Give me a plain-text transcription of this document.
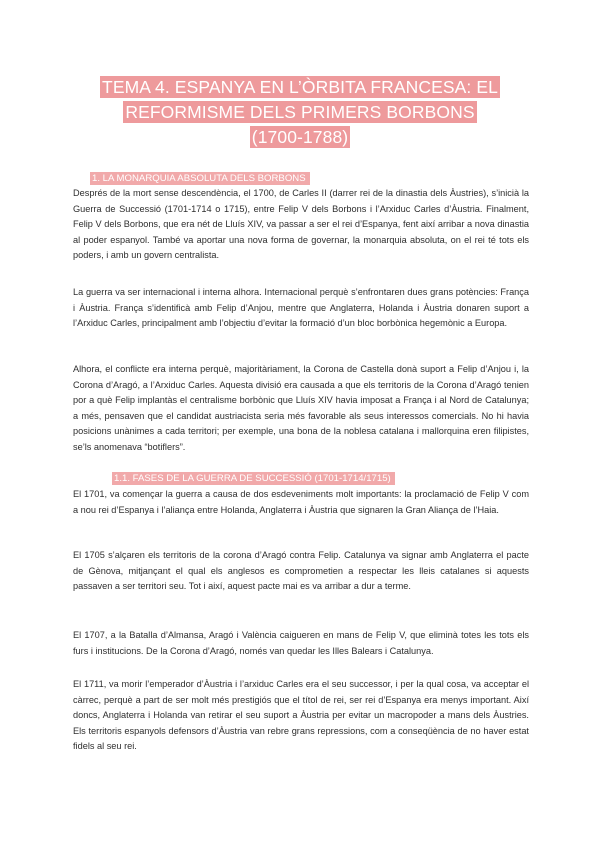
TEMA 4. ESPANYA EN L’ÒRBITA FRANCESA: EL
REFORMISME DELS PRIMERS BORBONS
(1700-1788)
1. LA MONARQUIA ABSOLUTA DELS BORBONS

Després de la mort sense descendència, el 1700, de Carles II (darrer rei de la dinastia dels Àustries), s’inicià la Guerra de Successió (1701-1714 o 1715), entre Felip V dels Borbons i l’Arxiduc Carles d’Àustria. Finalment, Felip V dels Borbons, que era nét de Lluís XIV, va passar a ser el rei d’Espanya, fent així arribar a nova dinastia al poder espanyol. També va aportar una nova forma de governar, la monarquia absoluta, on el rei té tots els poders, i amb un govern centralista.

La guerra va ser internacional i interna alhora. Internacional perquè s’enfrontaren dues grans potències: França i Àustria. França s’identificà amb Felip d’Anjou, mentre que Anglaterra, Holanda i Àustria donaren suport a l’Arxiduc Carles, principalment amb l’objectiu d’evitar la formació d’un bloc borbònica hegemònic a Europa.

Alhora, el conflicte era interna perquè, majoritàriament, la Corona de Castella donà suport a Felip d’Anjou i, la Corona d’Aragó, a l’Arxiduc Carles. Aquesta divisió era causada a que els territoris de la Corona d’Aragó tenien por a què Felip implantàs el centralisme borbònic que Lluís XIV havia imposat a França i al Nord de Catalunya; a més, pensaven que el candidat austriacista seria més favorable als seus interessos comercials. No hi havia posicions unànimes a cada territori; per exemple, una bona de la noblesa catalana i mallorquina eren filipistes, se’ls anomenava “botiflers”.

1.1. FASES DE LA GUERRA DE SUCCESSIÓ (1701-1714/1715)

El 1701, va començar la guerra a causa de dos esdeveniments molt importants: la proclamació de Felip V com a nou rei d’Espanya i l’aliança entre Holanda, Anglaterra i Àustria que signaren la Gran Aliança de l’Haia.

El 1705 s’alçaren els territoris de la corona d’Aragó contra Felip. Catalunya va signar amb Anglaterra el pacte de Gènova, mitjançant el qual els anglesos es comprometien a respectar les lleis catalanes si aquests passaven a ser territori seu. Tot i així, aquest pacte mai es va arribar a dur a terme.

El 1707, a la Batalla d’Almansa, Aragó i València caigueren en mans de Felip V, que eliminà totes les tots els furs i institucions. De la Corona d’Aragó, només van quedar les Illes Balears i Catalunya.

El 1711, va morir l’emperador d’Àustria i l’arxiduc Carles era el seu successor, i per la qual cosa, va acceptar el càrrec, perquè a part de ser molt més prestigiós que el títol de rei, ser rei d’Espanya era menys important. Així doncs, Anglaterra i Holanda van retirar el seu suport a Àustria per evitar un macropoder a mans dels Àustries. Els territoris espanyols defensors d’Àustria van rebre grans repressions, com a conseqüència de no haver estat fidels al seu rei.
